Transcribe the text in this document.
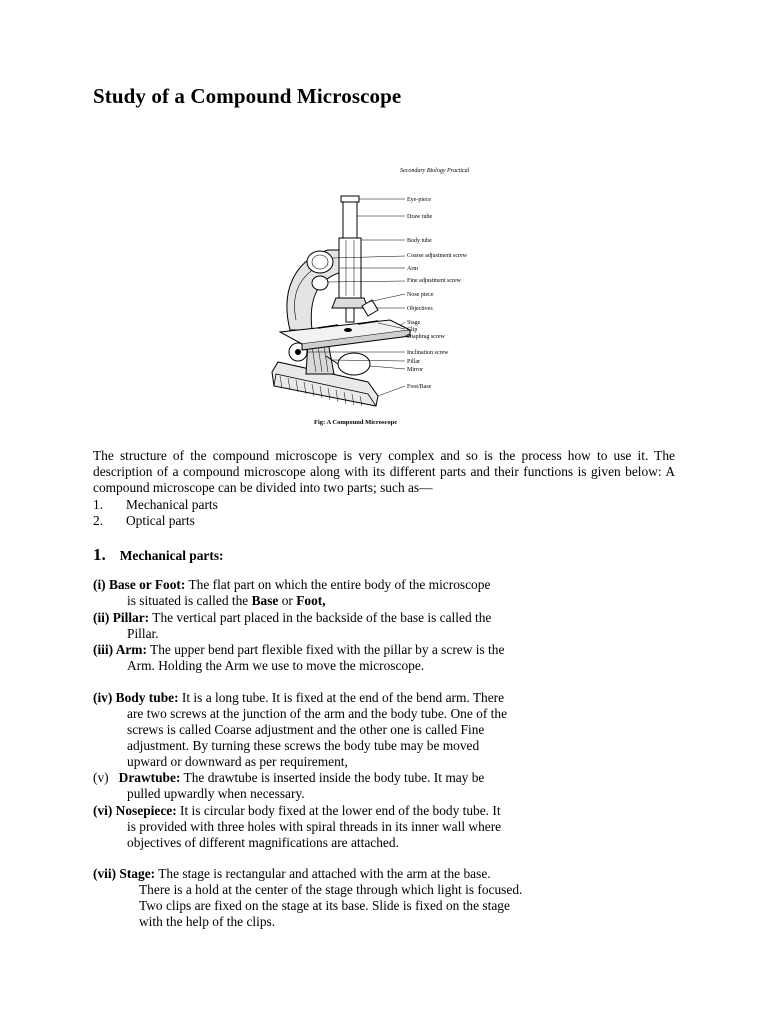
Study of a Compound Microscope
Secondary Biology Practical
Eye-piece
Draw tube
Body tube
Coarse adjustment screw
Arm
Fine adjustment screw
Nose piece
Objectives
Stage
Clip
Diaphrag screw
Inclination screw
Pillar
Mirror
Foot/Base
Fig: A Compound Microscope
The structure of the compound microscope is very complex and so is the process how to use it. The description of a compound microscope along with its different parts and their functions is given below: A compound microscope can be divided into two parts; such as—
1. Mechanical parts
2. Optical parts
1. Mechanical parts:
(i) Base or Foot: The flat part on which the entire body of the microscope
is situated is called the Base or Foot,
(ii) Pillar: The vertical part placed in the backside of the base is called the
Pillar.
(iii) Arm: The upper bend part flexible fixed with the pillar by a screw is the
Arm. Holding the Arm we use to move the microscope.
(iv) Body tube: It is a long tube. It is fixed at the end of the bend arm. There
are two screws at the junction of the arm and the body tube. One of the
screws is called Coarse adjustment and the other one is called Fine
adjustment. By turning these screws the body tube may be moved
upward or downward as per requirement,
(v)   Drawtube: The drawtube is inserted inside the body tube. It may be
pulled upwardly when necessary.
(vi) Nosepiece: It is circular body fixed at the lower end of the body tube. It
is provided with three holes with spiral threads in its inner wall where
objectives of different magnifications are attached.
(vii) Stage: The stage is rectangular and attached with the arm at the base.
There is a hold at the center of the stage through which light is focused.
Two clips are fixed on the stage at its base. Slide is fixed on the stage
with the help of the clips.
